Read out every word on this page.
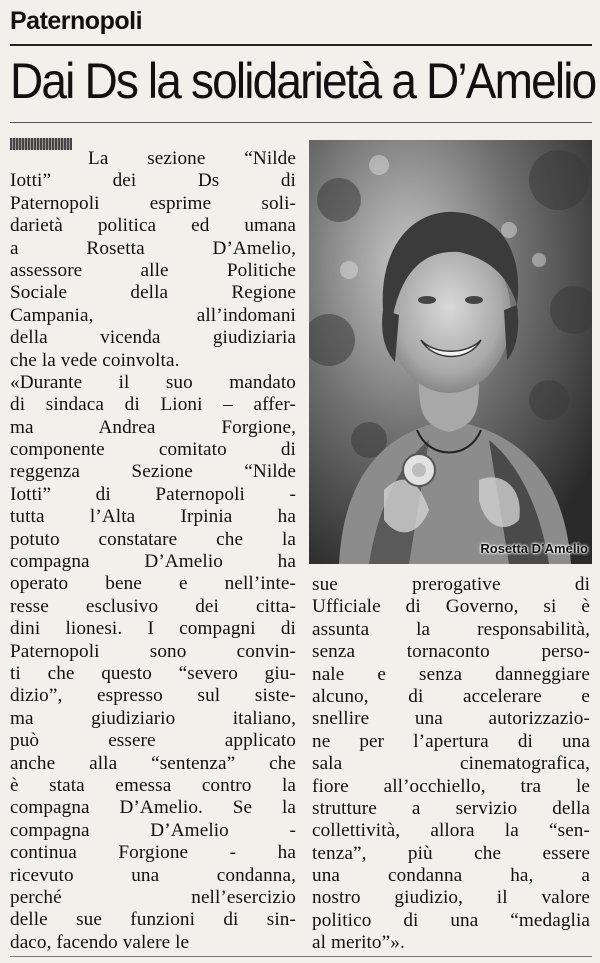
Paternopoli
Dai Ds la solidarietà a D’Amelio
La sezione “Nilde
Iotti” dei Ds di
Paternopoli esprime soli-
darietà politica ed umana
a Rosetta D’Amelio,
assessore alle Politiche
Sociale della Regione
Campania, all’indomani
della vicenda giudiziaria
che la vede coinvolta.
«Durante il suo mandato
di sindaca di Lioni – affer-
ma Andrea Forgione,
componente comitato di
reggenza Sezione “Nilde
Iotti” di Paternopoli -
tutta l’Alta Irpinia ha
potuto constatare che la
compagna D’Amelio ha
operato bene e nell’inte-
resse esclusivo dei citta-
dini lionesi. I compagni di
Paternopoli sono convin-
ti che questo “severo giu-
dizio”, espresso sul siste-
ma giudiziario italiano,
può essere applicato
anche alla “sentenza” che
è stata emessa contro la
compagna D’Amelio. Se la
compagna D’Amelio -
continua Forgione - ha
ricevuto una condanna,
perché nell’esercizio
delle sue funzioni di sin-
daco, facendo valere le
Rosetta D’Amelio
sue prerogative di
Ufficiale di Governo, si è
assunta la responsabilità,
senza tornaconto perso-
nale e senza danneggiare
alcuno, di accelerare e
snellire una autorizzazio-
ne per l’apertura di una
sala cinematografica,
fiore all’occhiello, tra le
strutture a servizio della
collettività, allora la “sen-
tenza”, più che essere
una condanna ha, a
nostro giudizio, il valore
politico di una “medaglia
al merito”».
